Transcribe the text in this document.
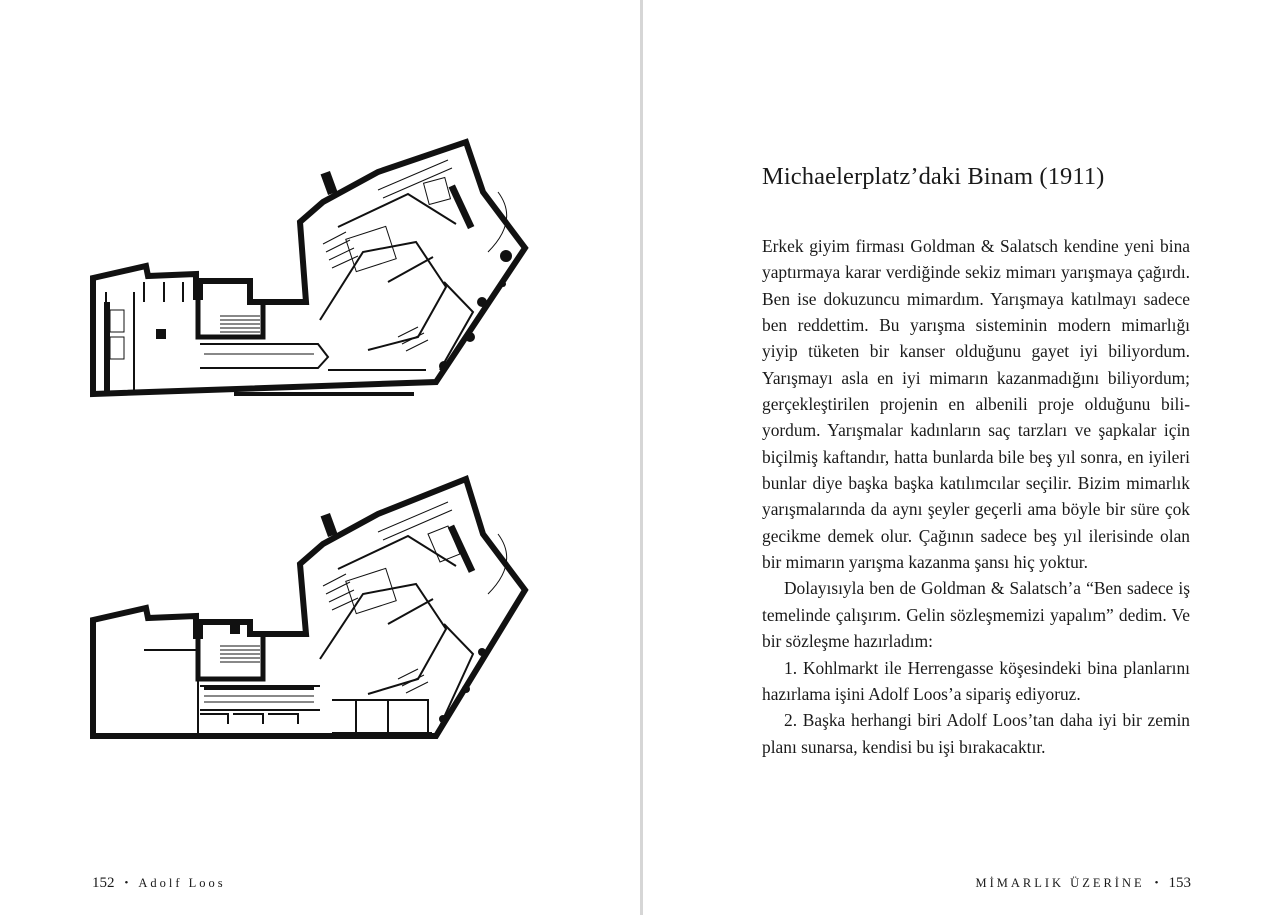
152 • Adolf Loos
Michaelerplatz’daki Binam (1911)

Erkek giyim firması Goldman & Salatsch kendine yeni bina yaptırmaya karar verdiğinde sekiz mimarı yarışmaya çağırdı. Ben ise dokuzuncu mimardım. Yarışmaya katılmayı sadece ben reddettim. Bu yarışma sisteminin modern mimarlığı yiyip tüketen bir kanser olduğunu gayet iyi biliyordum. Yarışmayı asla en iyi mimarın kazanmadığını biliyordum; gerçekleştirilen projenin en albenili proje olduğunu biliyordum. Yarışmalar kadınların saç tarzları ve şapkalar için biçilmiş kaftandır, hatta bunlarda bile beş yıl sonra, en iyileri bunlar diye başka başka katılımcılar seçilir. Bizim mimarlık yarışmalarında da aynı şeyler geçerli ama böyle bir süre çok gecikme demek olur. Çağının sadece beş yıl ilerisinde olan bir mimarın yarışma kazanma şansı hiç yoktur.

Dolayısıyla ben de Goldman & Salatsch’a “Ben sadece iş temelinde çalışırım. Gelin sözleşmemizi yapalım” dedim. Ve bir sözleşme hazırladım:

1. Kohlmarkt ile Herrengasse köşesindeki bina planlarını hazırlama işini Adolf Loos’a sipariş ediyoruz.

2. Başka herhangi biri Adolf Loos’tan daha iyi bir zemin planı sunarsa, kendisi bu işi bırakacaktır.

MİMARLIK ÜZERİNE • 153
